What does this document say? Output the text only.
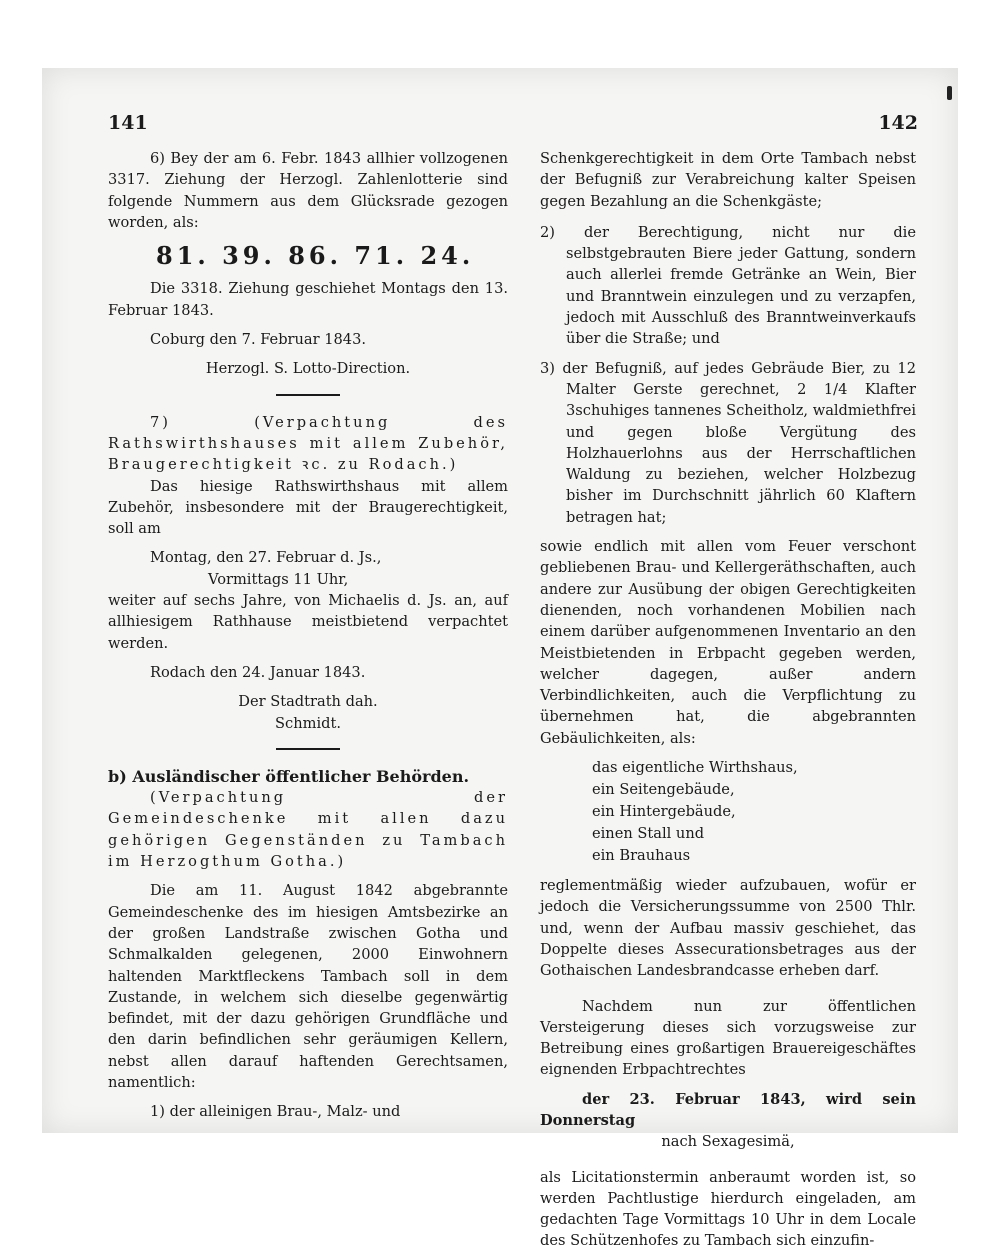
141	142

6) Bey der am 6. Febr. 1843 allhier vollzogenen 3317. Ziehung der Herzogl. Zahlenlotterie sind folgende Nummern aus dem Glücksrade gezogen worden, als:

81. 39. 86. 71. 24.

Die 3318. Ziehung geschiehet Montags den 13. Februar 1843.

Coburg den 7. Februar 1843.

Herzogl. S. Lotto-Direction.

7) (Verpachtung des Rathswirthshauses mit allem Zubehör, Braugerechtigkeit ꝛc. zu Rodach.)

Das hiesige Rathswirthshaus mit allem Zubehör, insbesondere mit der Braugerechtigkeit, soll am

Montag, den 27. Februar d. Js.,

Vormittags 11 Uhr,

weiter auf sechs Jahre, von Michaelis d. Js. an, auf allhiesigem Rathhause meistbietend verpachtet werden.

Rodach den 24. Januar 1843.

Der Stadtrath dah.

Schmidt.

b) Ausländischer öffentlicher Behörden.

(Verpachtung der Gemeindeschenke mit allen dazu gehörigen Gegenständen zu Tambach im Herzogthum Gotha.)

Die am 11. August 1842 abgebrannte Gemeindeschenke des im hiesigen Amtsbezirke an der großen Landstraße zwischen Gotha und Schmalkalden gelegenen, 2000 Einwohnern haltenden Marktfleckens Tambach soll in dem Zustande, in welchem sich dieselbe gegenwärtig befindet, mit der dazu gehörigen Grundfläche und den darin befindlichen sehr geräumigen Kellern, nebst allen darauf haftenden Gerechtsamen, namentlich:

1) der alleinigen Brau-, Malz- und

Schenkgerechtigkeit in dem Orte Tambach nebst der Befugniß zur Verabreichung kalter Speisen gegen Bezahlung an die Schenkgäste;

2) der Berechtigung, nicht nur die selbstgebrauten Biere jeder Gattung, sondern auch allerlei fremde Getränke an Wein, Bier und Branntwein einzulegen und zu verzapfen, jedoch mit Ausschluß des Branntweinverkaufs über die Straße; und

3) der Befugniß, auf jedes Gebräude Bier, zu 12 Malter Gerste gerechnet, 2 1/4 Klafter 3schuhiges tannenes Scheitholz, waldmiethfrei und gegen bloße Vergütung des Holzhauerlohns aus der Herrschaftlichen Waldung zu beziehen, welcher Holzbezug bisher im Durchschnitt jährlich 60 Klaftern betragen hat;

sowie endlich mit allen vom Feuer verschont gebliebenen Brau- und Kellergeräthschaften, auch andere zur Ausübung der obigen Gerechtigkeiten dienenden, noch vorhandenen Mobilien nach einem darüber aufgenommenen Inventario an den Meistbietenden in Erbpacht gegeben werden, welcher dagegen, außer andern Verbindlichkeiten, auch die Verpflichtung zu übernehmen hat, die abgebrannten Gebäulichkeiten, als:

das eigentliche Wirthshaus,
ein Seitengebäude,
ein Hintergebäude,
einen Stall und
ein Brauhaus

reglementmäßig wieder aufzubauen, wofür er jedoch die Versicherungssumme von 2500 Thlr. und, wenn der Aufbau massiv geschiehet, das Doppelte dieses Assecurationsbetrages aus der Gothaischen Landesbrandcasse erheben darf.

Nachdem nun zur öffentlichen Versteigerung dieses sich vorzugsweise zur Betreibung eines großartigen Brauereigeschäftes eignenden Erbpachtrechtes

der 23. Februar 1843, wird sein Donnerstag

nach Sexagesimä,

als Licitationstermin anberaumt worden ist, so werden Pachtlustige hierdurch eingeladen, am gedachten Tage Vormittags 10 Uhr in dem Locale des Schützenhofes zu Tambach sich einzufin-
